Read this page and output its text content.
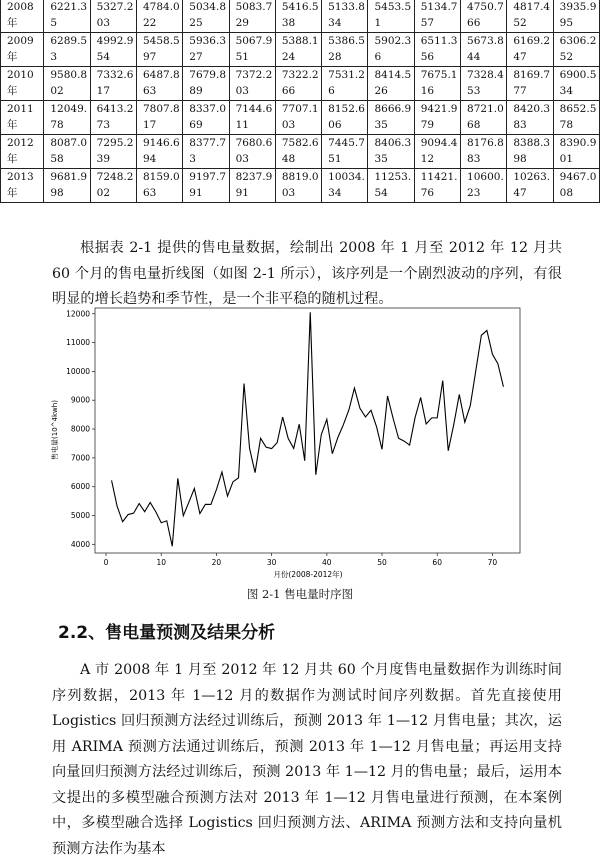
2008年	6221.35	5327.203	4784.022	5034.825	5083.729	5416.538	5133.834	5453.51	5134.757	4750.766	4817.452	3935.995
2009年	6289.53	4992.954	5458.597	5936.327	5067.951	5388.124	5386.528	5902.36	6511.356	5673.844	6169.247	6306.252
2010年	9580.802	7332.617	6487.863	7679.889	7372.203	7322.266	7531.26	8414.526	7675.116	7328.453	8169.777	6900.534
2011年	12049.78	6413.273	7807.817	8337.069	7144.611	7707.103	8152.606	8666.935	9421.979	8721.068	8420.383	8652.578
2012年	8087.058	7295.239	9146.694	8377.73	7680.603	7582.648	7445.751	8406.335	9094.412	8176.883	8388.398	8390.901
2013年	9681.998	7248.202	8159.063	9197.791	8237.991	8819.003	10034.34	11253.54	11421.76	10600.23	10263.47	9467.008

根据表 2-1 提供的售电量数据，绘制出 2008 年 1 月至 2012 年 12 月共 60 个月的售电量折线图（如图 2-1 所示），该序列是一个剧烈波动的序列，有很明显的增长趋势和季节性，是一个非平稳的随机过程。

4000
5000
6000
7000
8000
9000
10000
11000
12000
0	10	20	30	40	50	60	70
售电量(10^4kwh)
月份(2008-2012年)
图 2-1 售电量时序图
2.2、售电量预测及结果分析

A 市 2008 年 1 月至 2012 年 12 月共 60 个月度售电量数据作为训练时间序列数据，2013 年 1—12 月的数据作为测试时间序列数据。首先直接使用 Logistics 回归预测方法经过训练后，预测 2013 年 1—12 月售电量；其次，运用 ARIMA 预测方法通过训练后，预测 2013 年 1—12 月售电量；再运用支持向量回归预测方法经过训练后，预测 2013 年 1—12 月的售电量；最后，运用本文提出的多模型融合预测方法对 2013 年 1—12 月售电量进行预测，在本案例中，多模型融合选择 Logistics 回归预测方法、ARIMA 预测方法和支持向量机预测方法作为基本
